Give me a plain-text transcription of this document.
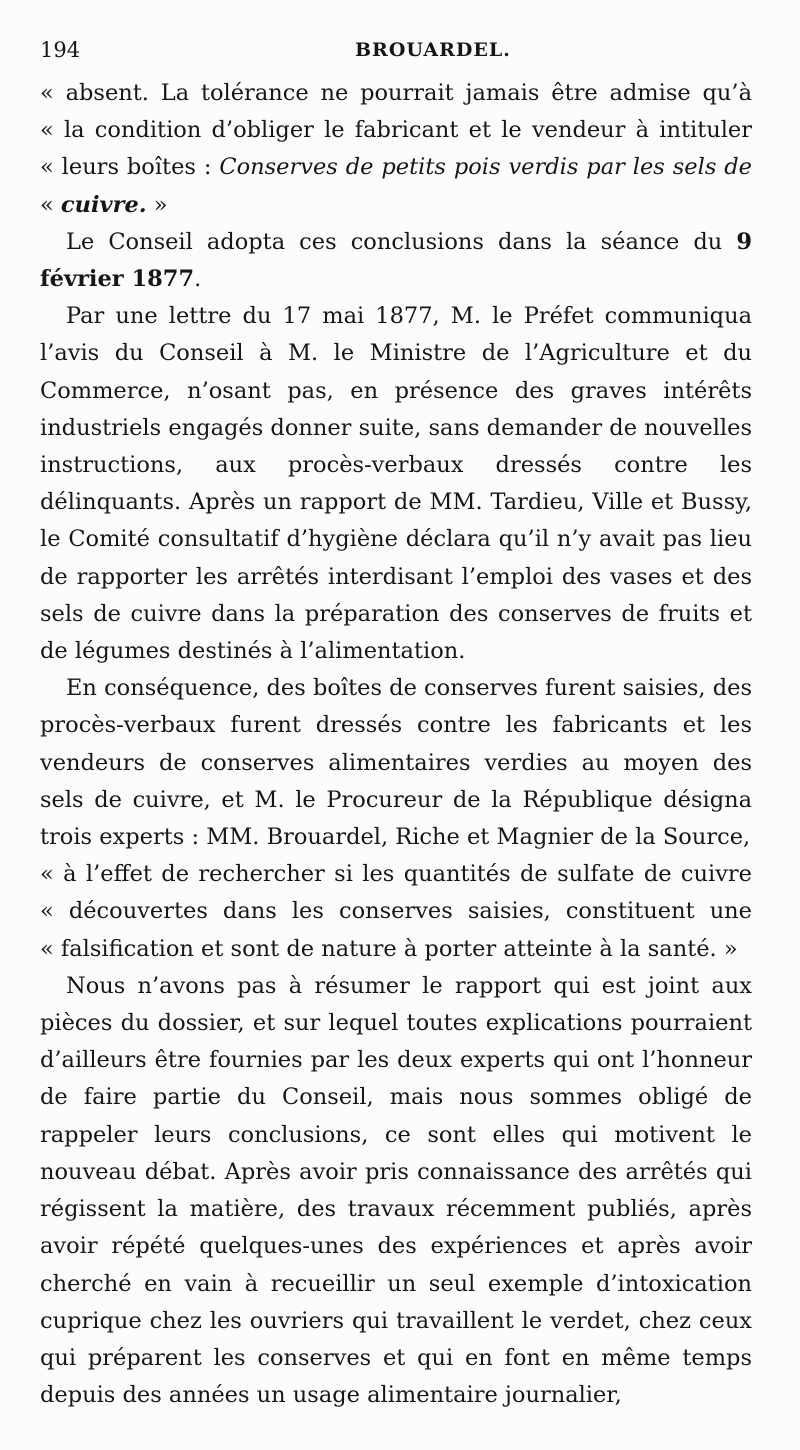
194	BROUARDEL.
« absent. La tolérance ne pourrait jamais être admise qu’à
« la condition d’obliger le fabricant et le vendeur à intituler
« leurs boîtes : Conserves de petits pois verdis par les sels de
« cuivre. »

Le Conseil adopta ces conclusions dans la séance du 9 février 1877.

Par une lettre du 17 mai 1877, M. le Préfet communiqua l’avis du Conseil à M. le Ministre de l’Agriculture et du Commerce, n’osant pas, en présence des graves intérêts industriels engagés donner suite, sans demander de nouvelles instructions, aux procès-verbaux dressés contre les délinquants. Après un rapport de MM. Tardieu, Ville et Bussy, le Comité consultatif d’hygiène déclara qu’il n’y avait pas lieu de rapporter les arrêtés interdisant l’emploi des vases et des sels de cuivre dans la préparation des conserves de fruits et de légumes destinés à l’alimentation.

En conséquence, des boîtes de conserves furent saisies, des procès-verbaux furent dressés contre les fabricants et les vendeurs de conserves alimentaires verdies au moyen des sels de cuivre, et M. le Procureur de la République désigna trois experts : MM. Brouardel, Riche et Magnier de la Source,

« à l’effet de rechercher si les quantités de sulfate de cuivre
« découvertes dans les conserves saisies, constituent une
« falsification et sont de nature à porter atteinte à la santé. »

Nous n’avons pas à résumer le rapport qui est joint aux pièces du dossier, et sur lequel toutes explications pourraient d’ailleurs être fournies par les deux experts qui ont l’honneur de faire partie du Conseil, mais nous sommes obligé de rappeler leurs conclusions, ce sont elles qui motivent le nouveau débat. Après avoir pris connaissance des arrêtés qui régissent la matière, des travaux récemment publiés, après avoir répété quelques-unes des expériences et après avoir cherché en vain à recueillir un seul exemple d’intoxication cuprique chez les ouvriers qui travaillent le verdet, chez ceux qui préparent les conserves et qui en font en même temps depuis des années un usage alimentaire journalier,
